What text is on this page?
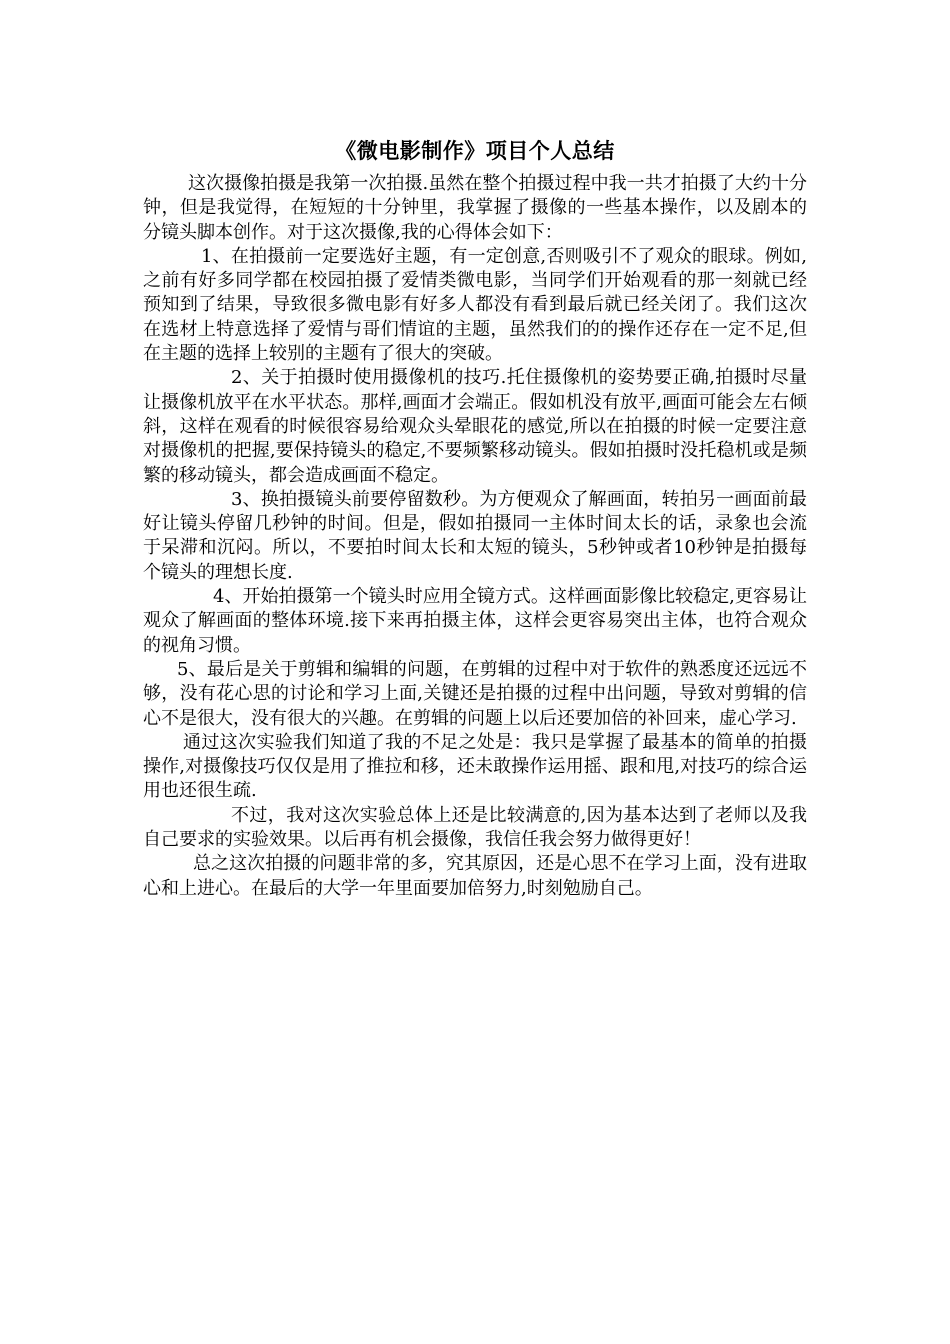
《微电影制作》项目个人总结

这次摄像拍摄是我第一次拍摄.虽然在整个拍摄过程中我一共才拍摄了大约十分钟，但是我觉得，在短短的十分钟里，我掌握了摄像的一些基本操作，以及剧本的分镜头脚本创作。对于这次摄像,我的心得体会如下：

1、在拍摄前一定要选好主题，有一定创意,否则吸引不了观众的眼球。例如,之前有好多同学都在校园拍摄了爱情类微电影，当同学们开始观看的那一刻就已经预知到了结果，导致很多微电影有好多人都没有看到最后就已经关闭了。我们这次在选材上特意选择了爱情与哥们情谊的主题，虽然我们的的操作还存在一定不足,但在主题的选择上较别的主题有了很大的突破。

2、关于拍摄时使用摄像机的技巧.托住摄像机的姿势要正确,拍摄时尽量让摄像机放平在水平状态。那样,画面才会端正。假如机没有放平,画面可能会左右倾斜，这样在观看的时候很容易给观众头晕眼花的感觉,所以在拍摄的时候一定要注意对摄像机的把握,要保持镜头的稳定,不要频繁移动镜头。假如拍摄时没托稳机或是频繁的移动镜头，都会造成画面不稳定。

3、换拍摄镜头前要停留数秒。为方便观众了解画面，转拍另一画面前最好让镜头停留几秒钟的时间。但是，假如拍摄同一主体时间太长的话，录象也会流于呆滞和沉闷。所以，不要拍时间太长和太短的镜头，5秒钟或者10秒钟是拍摄每个镜头的理想长度.

4、开始拍摄第一个镜头时应用全镜方式。这样画面影像比较稳定,更容易让观众了解画面的整体环境.接下来再拍摄主体，这样会更容易突出主体，也符合观众的视角习惯。

5、最后是关于剪辑和编辑的问题，在剪辑的过程中对于软件的熟悉度还远远不够，没有花心思的讨论和学习上面,关键还是拍摄的过程中出问题，导致对剪辑的信心不是很大，没有很大的兴趣。在剪辑的问题上以后还要加倍的补回来，虚心学习.

通过这次实验我们知道了我的不足之处是：我只是掌握了最基本的简单的拍摄操作,对摄像技巧仅仅是用了推拉和移，还未敢操作运用摇、跟和甩,对技巧的综合运用也还很生疏.

不过，我对这次实验总体上还是比较满意的,因为基本达到了老师以及我自己要求的实验效果。以后再有机会摄像，我信任我会努力做得更好！

总之这次拍摄的问题非常的多，究其原因，还是心思不在学习上面，没有进取心和上进心。在最后的大学一年里面要加倍努力,时刻勉励自己。
